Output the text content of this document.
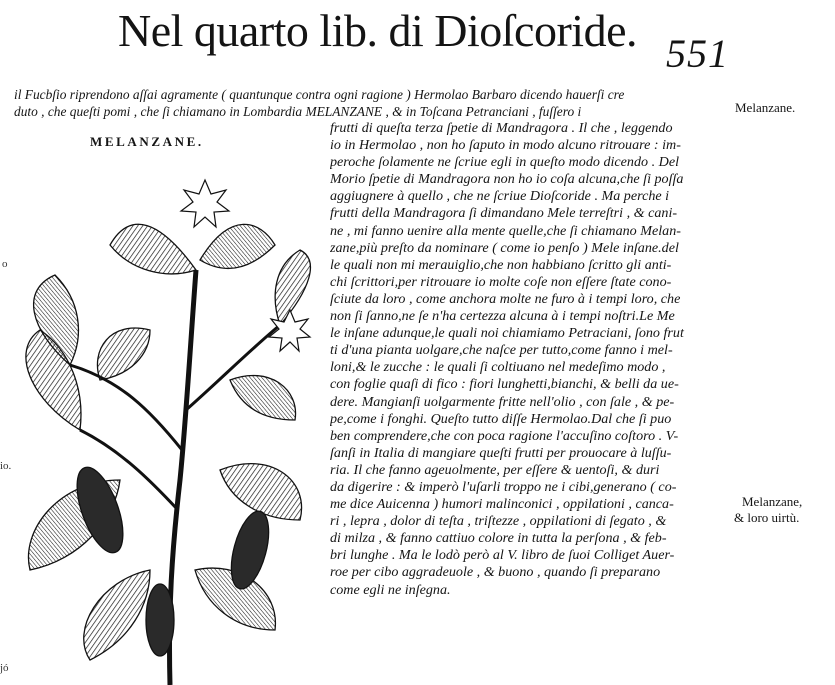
Nel quarto lib. di Dioſcoride. 551
il Fucbſio riprendono aſſai agramente ( quantunque contra ogni ragione ) Hermolao Barbaro dicendo hauerſi cre
duto , che queſti pomi , che ſi chiamano in Lombardia MELANZANE , & in Toſcana Petranciani , fuſſero i
MELANZANE.
frutti di queſta terza ſpetie di Mandragora . Il che , leggendo
io in Hermolao , non ho ſaputo in modo alcuno ritrouare : im-
peroche ſolamente ne ſcriue egli in queſto modo dicendo . Del
Morio ſpetie di Mandragora non ho io coſa alcuna,che ſi poſſa
aggiugnere à quello , che ne ſcriue Dioſcoride . Ma perche i
frutti della Mandragora ſi dimandano Mele terreſtri , & cani-
ne , mi fanno uenire alla mente quelle,che ſi chiamano Melan-
zane,più preſto da nominare ( come io penſo ) Mele inſane.del
le quali non mi merauiglio,che non habbiano ſcritto gli anti-
chi ſcrittori,per ritrouare io molte coſe non eſſere ſtate cono-
ſciute da loro , come anchora molte ne furo à i tempi loro, che
non ſi ſanno,ne ſe n'ha certezza alcuna à i tempi noſtri.Le Me
le inſane adunque,le quali noi chiamiamo Petraciani, ſono frut
ti d'una pianta uolgare,che naſce per tutto,come fanno i mel-
loni,& le zucche : le quali ſi coltiuano nel medeſimo modo ,
con foglie quaſi di fico : fiori lunghetti,bianchi, & belli da ue-
dere. Mangianſi uolgarmente fritte nell'olio , con ſale , & pe-
pe,come i fonghi. Queſto tutto diſſe Hermolao.Dal che ſi puo
ben comprendere,che con poca ragione l'accuſino coſtoro . V-
ſanſi in Italia di mangiare queſti frutti per prouocare à luſſu-
ria. Il che fanno ageuolmente, per eſſere & uentoſi, & duri
da digerire : & imperò l'uſarli troppo ne i cibi,generano ( co-
me dice Auicenna ) humori malinconici , oppilationi , canca-
ri , lepra , dolor di teſta , triſtezze , oppilationi di ſegato , &
di milza , & fanno cattiuo colore in tutta la perſona , & feb-
bri lunghe . Ma le lodò però al V. libro de ſuoi Colliget Auer-
roe per cibo aggradeuole , & buono , quando ſi preparano
come egli ne inſegna.
Melanzane.
Melanzane,
& loro uirtù.
o
io.
jó
